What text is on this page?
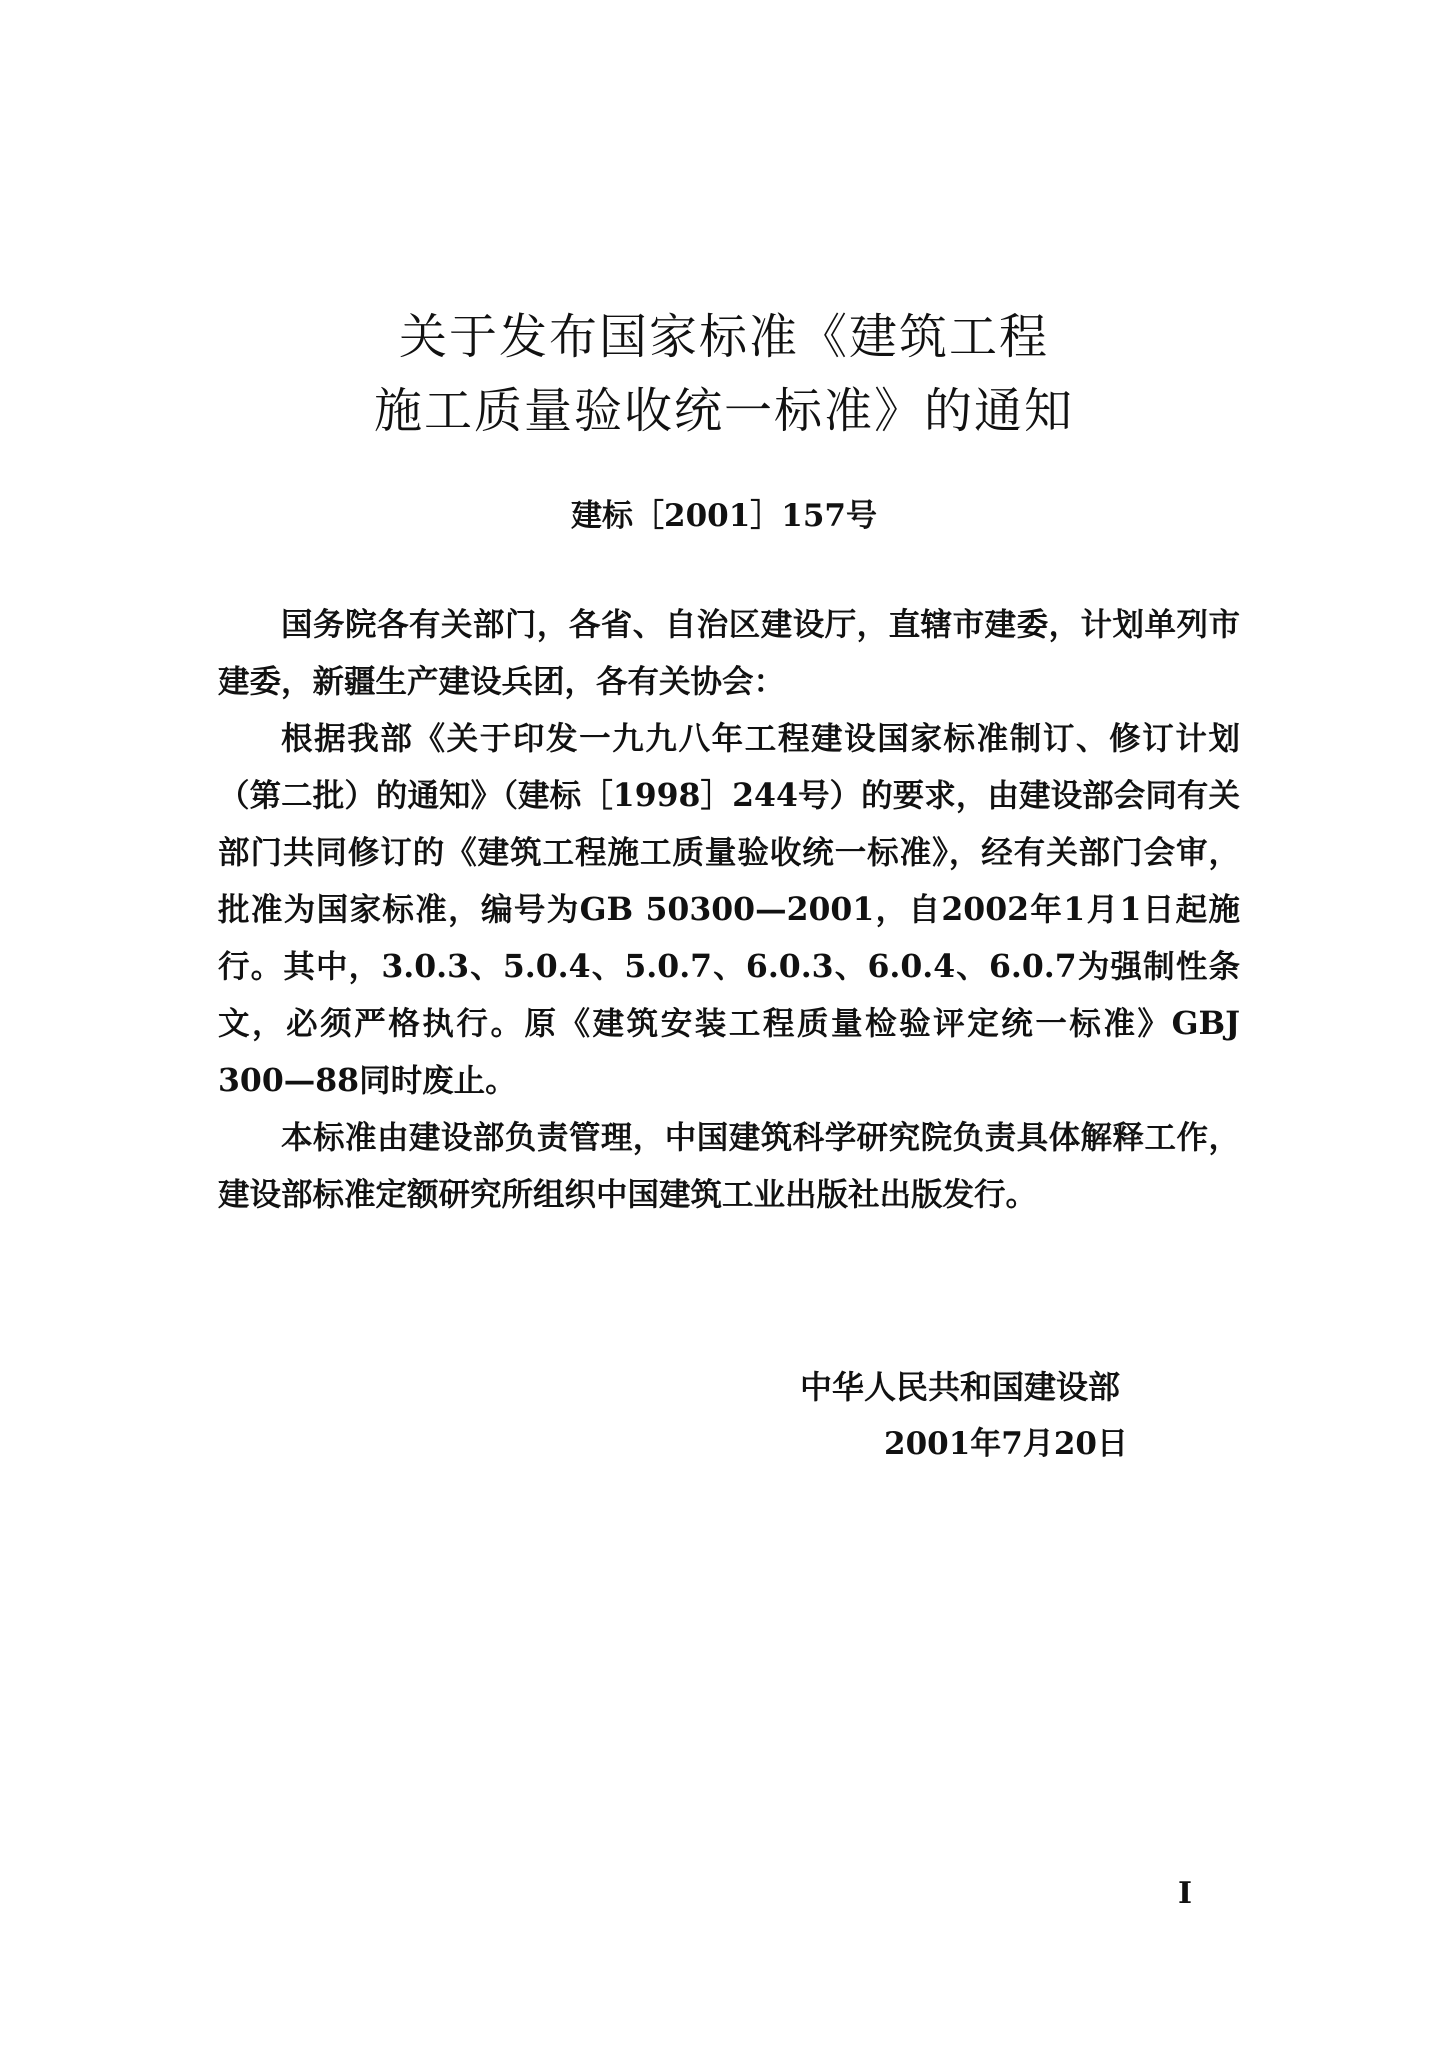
关于发布国家标准《建筑工程
施工质量验收统一标准》的通知
建标［2001］157号

国务院各有关部门，各省、自治区建设厅，直辖市建委，计划单列市建委，新疆生产建设兵团，各有关协会：

根据我部《关于印发一九九八年工程建设国家标准制订、修订计划（第二批）的通知》（建标［1998］244号）的要求，由建设部会同有关部门共同修订的《建筑工程施工质量验收统一标准》，经有关部门会审，批准为国家标准，编号为GB 50300—2001，自2002年1月1日起施行。其中，3.0.3、5.0.4、5.0.7、6.0.3、6.0.4、6.0.7为强制性条文，必须严格执行。原《建筑安装工程质量检验评定统一标准》GBJ 300—88同时废止。

本标准由建设部负责管理，中国建筑科学研究院负责具体解释工作，建设部标准定额研究所组织中国建筑工业出版社出版发行。

中华人民共和国建设部
2001年7月20日
I
